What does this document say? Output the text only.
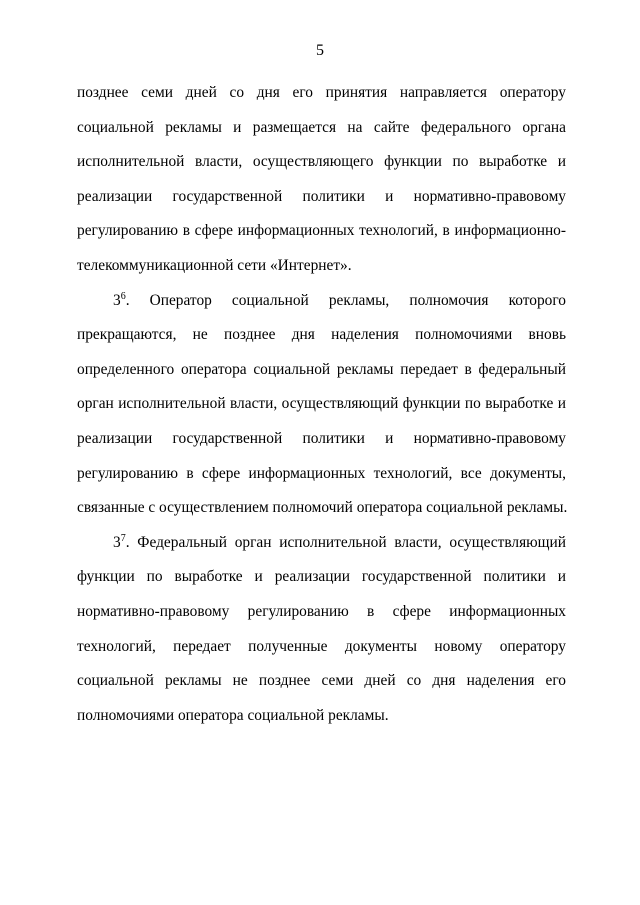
5
позднее семи дней со дня его принятия направляется оператору
социальной рекламы и размещается на сайте федерального органа
исполнительной власти, осуществляющего функции по выработке и
реализации государственной политики и нормативно-правовому
регулированию в сфере информационных технологий, в информационно-
телекоммуникационной сети «Интернет».
$3^6$. Оператор социальной рекламы, полномочия которого
прекращаются, не позднее дня наделения полномочиями вновь
определенного оператора социальной рекламы передает в федеральный
орган исполнительной власти, осуществляющий функции по выработке и
реализации государственной политики и нормативно-правовому
регулированию в сфере информационных технологий, все документы,
связанные с осуществлением полномочий оператора социальной рекламы.
$3^7$. Федеральный орган исполнительной власти, осуществляющий
функции по выработке и реализации государственной политики и
нормативно-правовому регулированию в сфере информационных
технологий, передает полученные документы новому оператору
социальной рекламы не позднее семи дней со дня наделения его
полномочиями оператора социальной рекламы.
